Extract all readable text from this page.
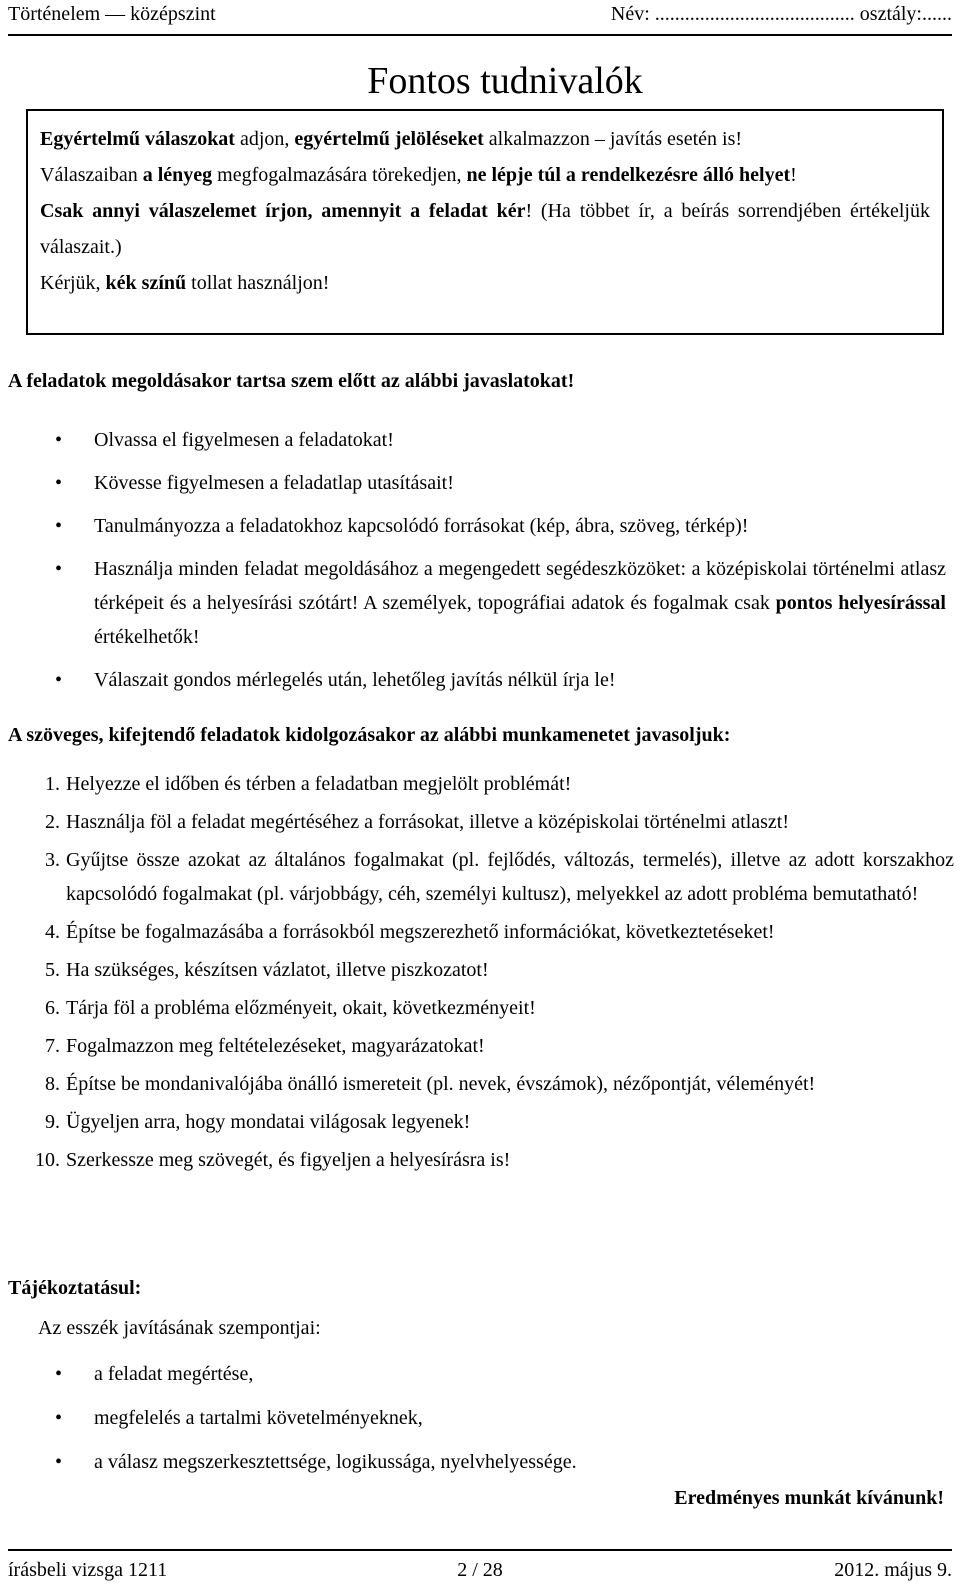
Történelem — középszint	Név: ........................................ osztály:......
Fontos tudnivalók

Egyértelmű válaszokat adjon, egyértelmű jelöléseket alkalmazzon – javítás esetén is!

Válaszaiban a lényeg megfogalmazására törekedjen, ne lépje túl a rendelkezésre álló helyet!

Csak annyi válaszelemet írjon, amennyit a feladat kér! (Ha többet ír, a beírás sorrendjében értékeljük válaszait.)

Kérjük, kék színű tollat használjon!

A feladatok megoldásakor tartsa szem előtt az alábbi javaslatokat!
• Olvassa el figyelmesen a feladatokat!
• Kövesse figyelmesen a feladatlap utasításait!
• Tanulmányozza a feladatokhoz kapcsolódó forrásokat (kép, ábra, szöveg, térkép)!
• Használja minden feladat megoldásához a megengedett segédeszközöket: a középiskolai történelmi atlasz térképeit és a helyesírási szótárt! A személyek, topográfiai adatok és fogalmak csak pontos helyesírással értékelhetők!
• Válaszait gondos mérlegelés után, lehetőleg javítás nélkül írja le!
A szöveges, kifejtendő feladatok kidolgozásakor az alábbi munkamenetet javasoljuk:
1. Helyezze el időben és térben a feladatban megjelölt problémát!
2. Használja föl a feladat megértéséhez a forrásokat, illetve a középiskolai történelmi atlaszt!
3. Gyűjtse össze azokat az általános fogalmakat (pl. fejlődés, változás, termelés), illetve az adott korszakhoz kapcsolódó fogalmakat (pl. várjobbágy, céh, személyi kultusz), melyekkel az adott probléma bemutatható!
4. Építse be fogalmazásába a forrásokból megszerezhető információkat, következtetéseket!
5. Ha szükséges, készítsen vázlatot, illetve piszkozatot!
6. Tárja föl a probléma előzményeit, okait, következményeit!
7. Fogalmazzon meg feltételezéseket, magyarázatokat!
8. Építse be mondanivalójába önálló ismereteit (pl. nevek, évszámok), nézőpontját, véleményét!
9. Ügyeljen arra, hogy mondatai világosak legyenek!
10. Szerkessze meg szövegét, és figyeljen a helyesírásra is!
Tájékoztatásul:
Az esszék javításának szempontjai:
• a feladat megértése,
• megfelelés a tartalmi követelményeknek,
• a válasz megszerkesztettsége, logikussága, nyelvhelyessége.
Eredményes munkát kívánunk!
írásbeli vizsga 1211	2 / 28	2012. május 9.
